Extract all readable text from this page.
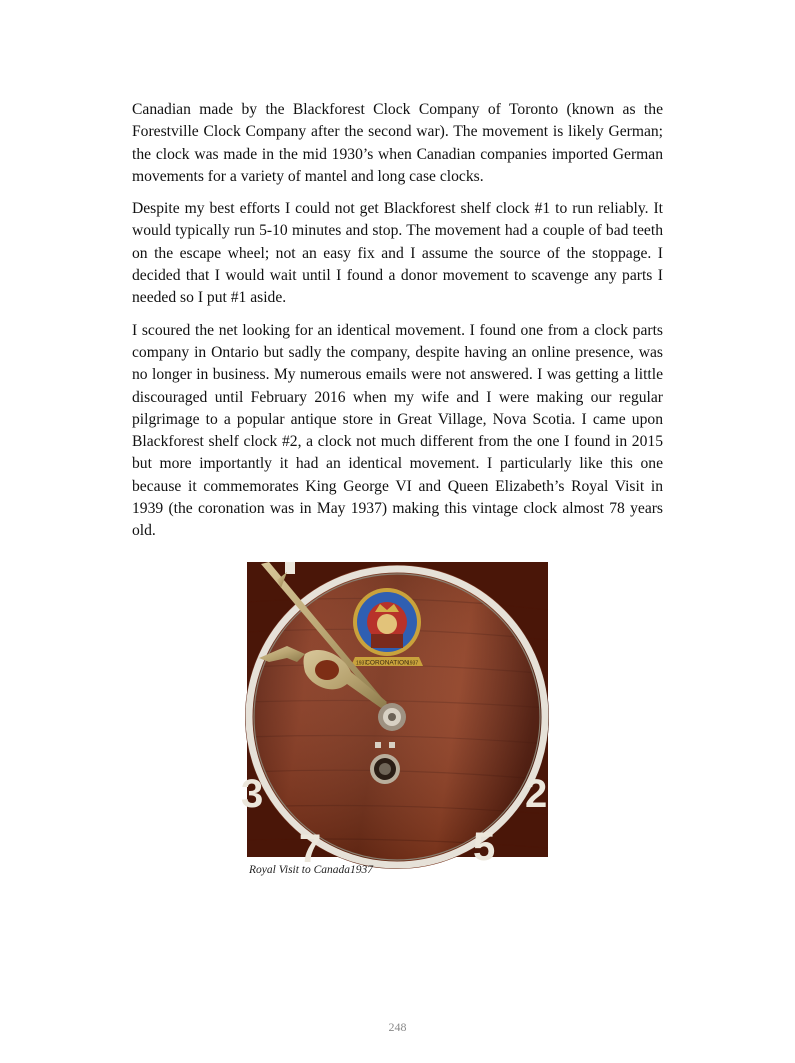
Canadian made by the Blackforest Clock Company of Toronto (known as the Forestville Clock Company after the second war). The movement is likely German; the clock was made in the mid 1930’s when Canadian companies imported German movements for a variety of mantel and long case clocks.

Despite my best efforts I could not get Blackforest shelf clock #1 to run reliably. It would typically run 5-10 minutes and stop. The movement had a couple of bad teeth on the escape wheel; not an easy fix and I assume the source of the stoppage. I decided that I would wait until I found a donor movement to scavenge any parts I needed so I put #1 aside.

I scoured the net looking for an identical movement. I found one from a clock parts company in Ontario but sadly the company, despite having an online presence, was no longer in business. My numerous emails were not answered. I was getting a little discouraged until February 2016 when my wife and I were making our regular pilgrimage to a popular antique store in Great Village, Nova Scotia. I came upon Blackforest shelf clock #2, a clock not much different from the one I found in 2015 but more importantly it had an identical movement. I particularly like this one because it commemorates King George VI and Queen Elizabeth’s Royal Visit in 1939 (the coronation was in May 1937) making this vintage clock almost 78 years old.

3
7	5
2
CORONATION
1937	1937
Royal Visit to Canada1937
248
